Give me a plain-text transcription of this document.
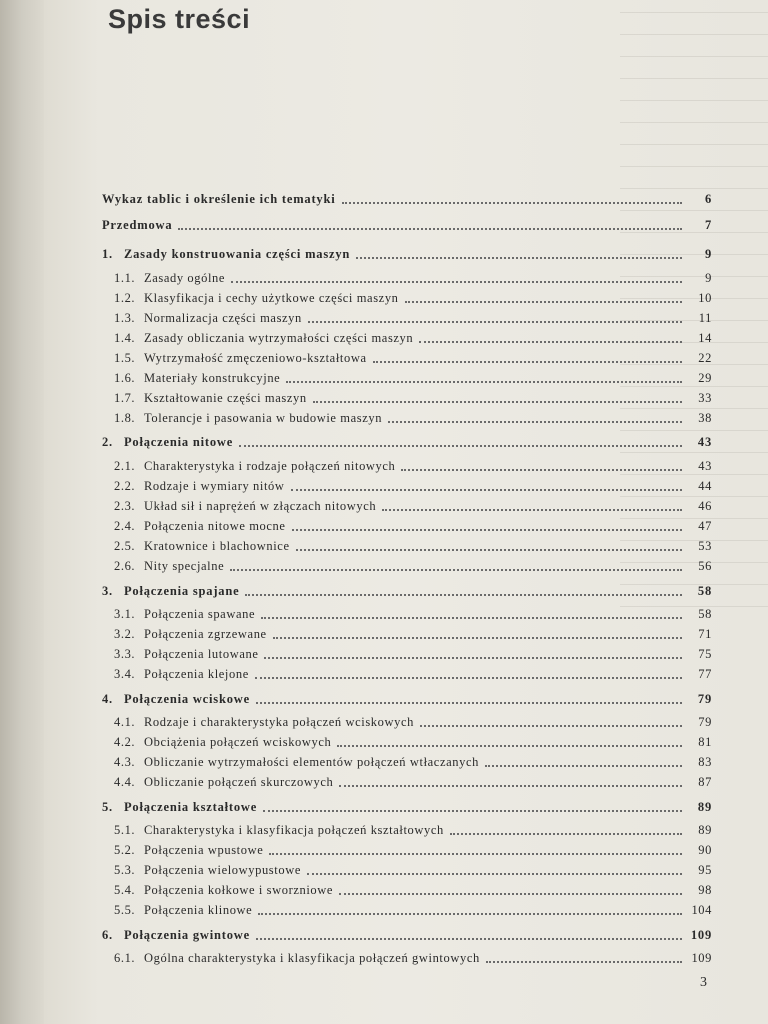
Spis treści
Wykaz tablic i określenie ich tematyki	6
Przedmowa	7
1. Zasady konstruowania części maszyn	9
1.1. Zasady ogólne	9
1.2. Klasyfikacja i cechy użytkowe części maszyn	10
1.3. Normalizacja części maszyn	11
1.4. Zasady obliczania wytrzymałości części maszyn	14
1.5. Wytrzymałość zmęczeniowo-kształtowa	22
1.6. Materiały konstrukcyjne	29
1.7. Kształtowanie części maszyn	33
1.8. Tolerancje i pasowania w budowie maszyn	38
2. Połączenia nitowe	43
2.1. Charakterystyka i rodzaje połączeń nitowych	43
2.2. Rodzaje i wymiary nitów	44
2.3. Układ sił i naprężeń w złączach nitowych	46
2.4. Połączenia nitowe mocne	47
2.5. Kratownice i blachownice	53
2.6. Nity specjalne	56
3. Połączenia spajane	58
3.1. Połączenia spawane	58
3.2. Połączenia zgrzewane	71
3.3. Połączenia lutowane	75
3.4. Połączenia klejone	77
4. Połączenia wciskowe	79
4.1. Rodzaje i charakterystyka połączeń wciskowych	79
4.2. Obciążenia połączeń wciskowych	81
4.3. Obliczanie wytrzymałości elementów połączeń wtłaczanych	83
4.4. Obliczanie połączeń skurczowych	87
5. Połączenia kształtowe	89
5.1. Charakterystyka i klasyfikacja połączeń kształtowych	89
5.2. Połączenia wpustowe	90
5.3. Połączenia wielowypustowe	95
5.4. Połączenia kołkowe i sworzniowe	98
5.5. Połączenia klinowe	104
6. Połączenia gwintowe	109
6.1. Ogólna charakterystyka i klasyfikacja połączeń gwintowych	109
3
